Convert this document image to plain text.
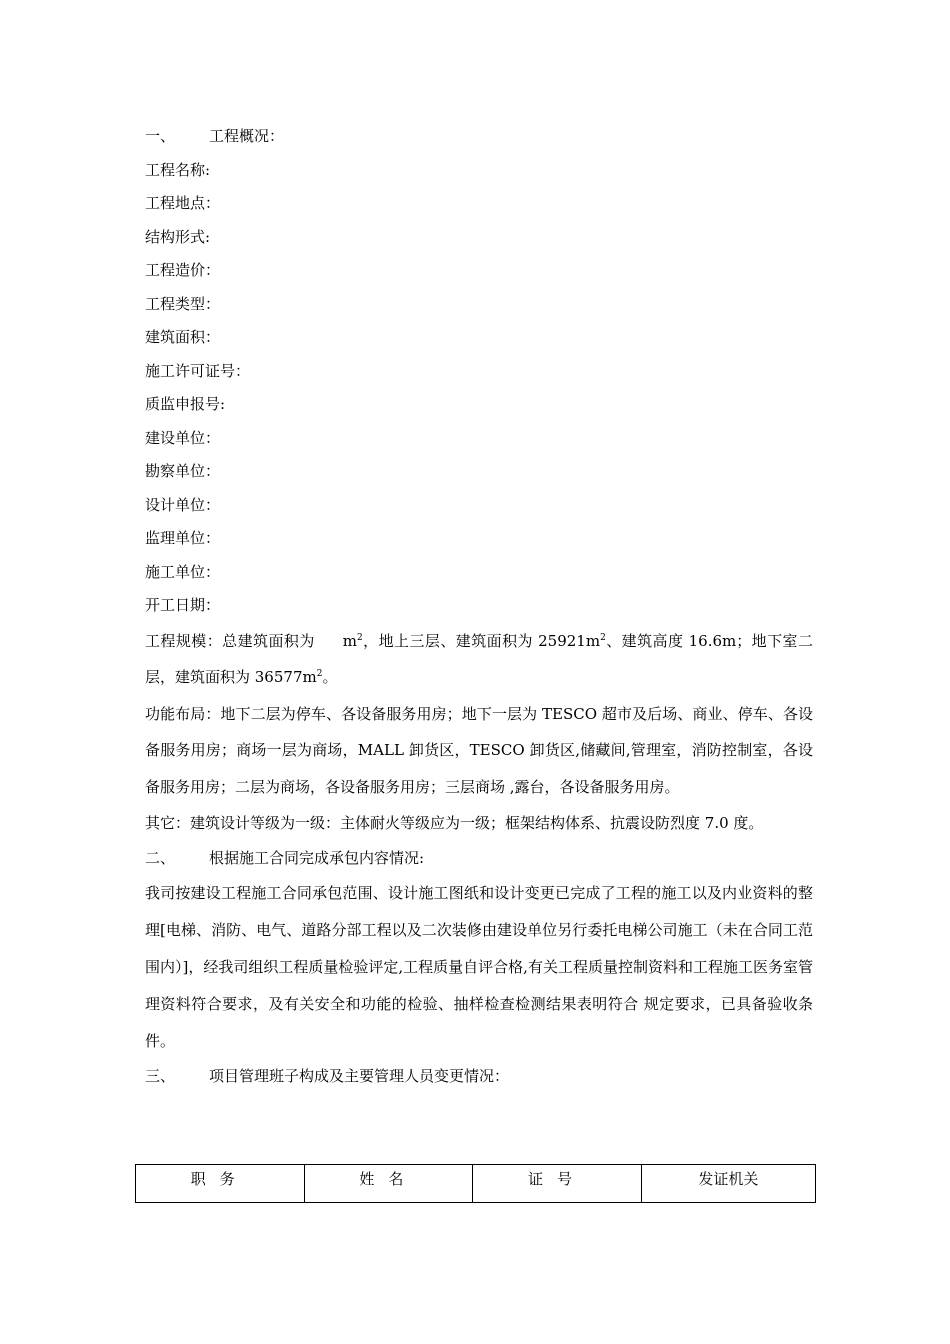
一、 工程概况：
工程名称:
工程地点：
结构形式:
工程造价：
工程类型：
建筑面积：
施工许可证号：
质监申报号:
建设单位：
勘察单位：
设计单位：
监理单位：
施工单位：
开工日期：
工程规模：总建筑面积为 $m^2$，地上三层、建筑面积为 $25921m^2$、建筑高度 16.6m；地下室二层，建筑面积为 $36577m^2$。
功能布局：地下二层为停车、各设备服务用房；地下一层为 TESCO 超市及后场、商业、停车、各设备服务用房；商场一层为商场，MALL 卸货区，TESCO 卸货区,储藏间,管理室，消防控制室，各设备服务用房；二层为商场，各设备服务用房；三层商场 ,露台，各设备服务用房。
其它：建筑设计等级为一级：主体耐火等级应为一级；框架结构体系、抗震设防烈度 7.0 度。
二、 根据施工合同完成承包内容情况:
我司按建设工程施工合同承包范围、设计施工图纸和设计变更已完成了工程的施工以及内业资料的整理[电梯、消防、电气、道路分部工程以及二次装修由建设单位另行委托电梯公司施工（未在合同工范围内）]，经我司组织工程质量检验评定,工程质量自评合格,有关工程质量控制资料和工程施工医务室管理资料符合要求，及有关安全和功能的检验、抽样检查检测结果表明符合 规定要求，已具备验收条件。
三、 项目管理班子构成及主要管理人员变更情况：
职务	姓名	证号	发证机关
